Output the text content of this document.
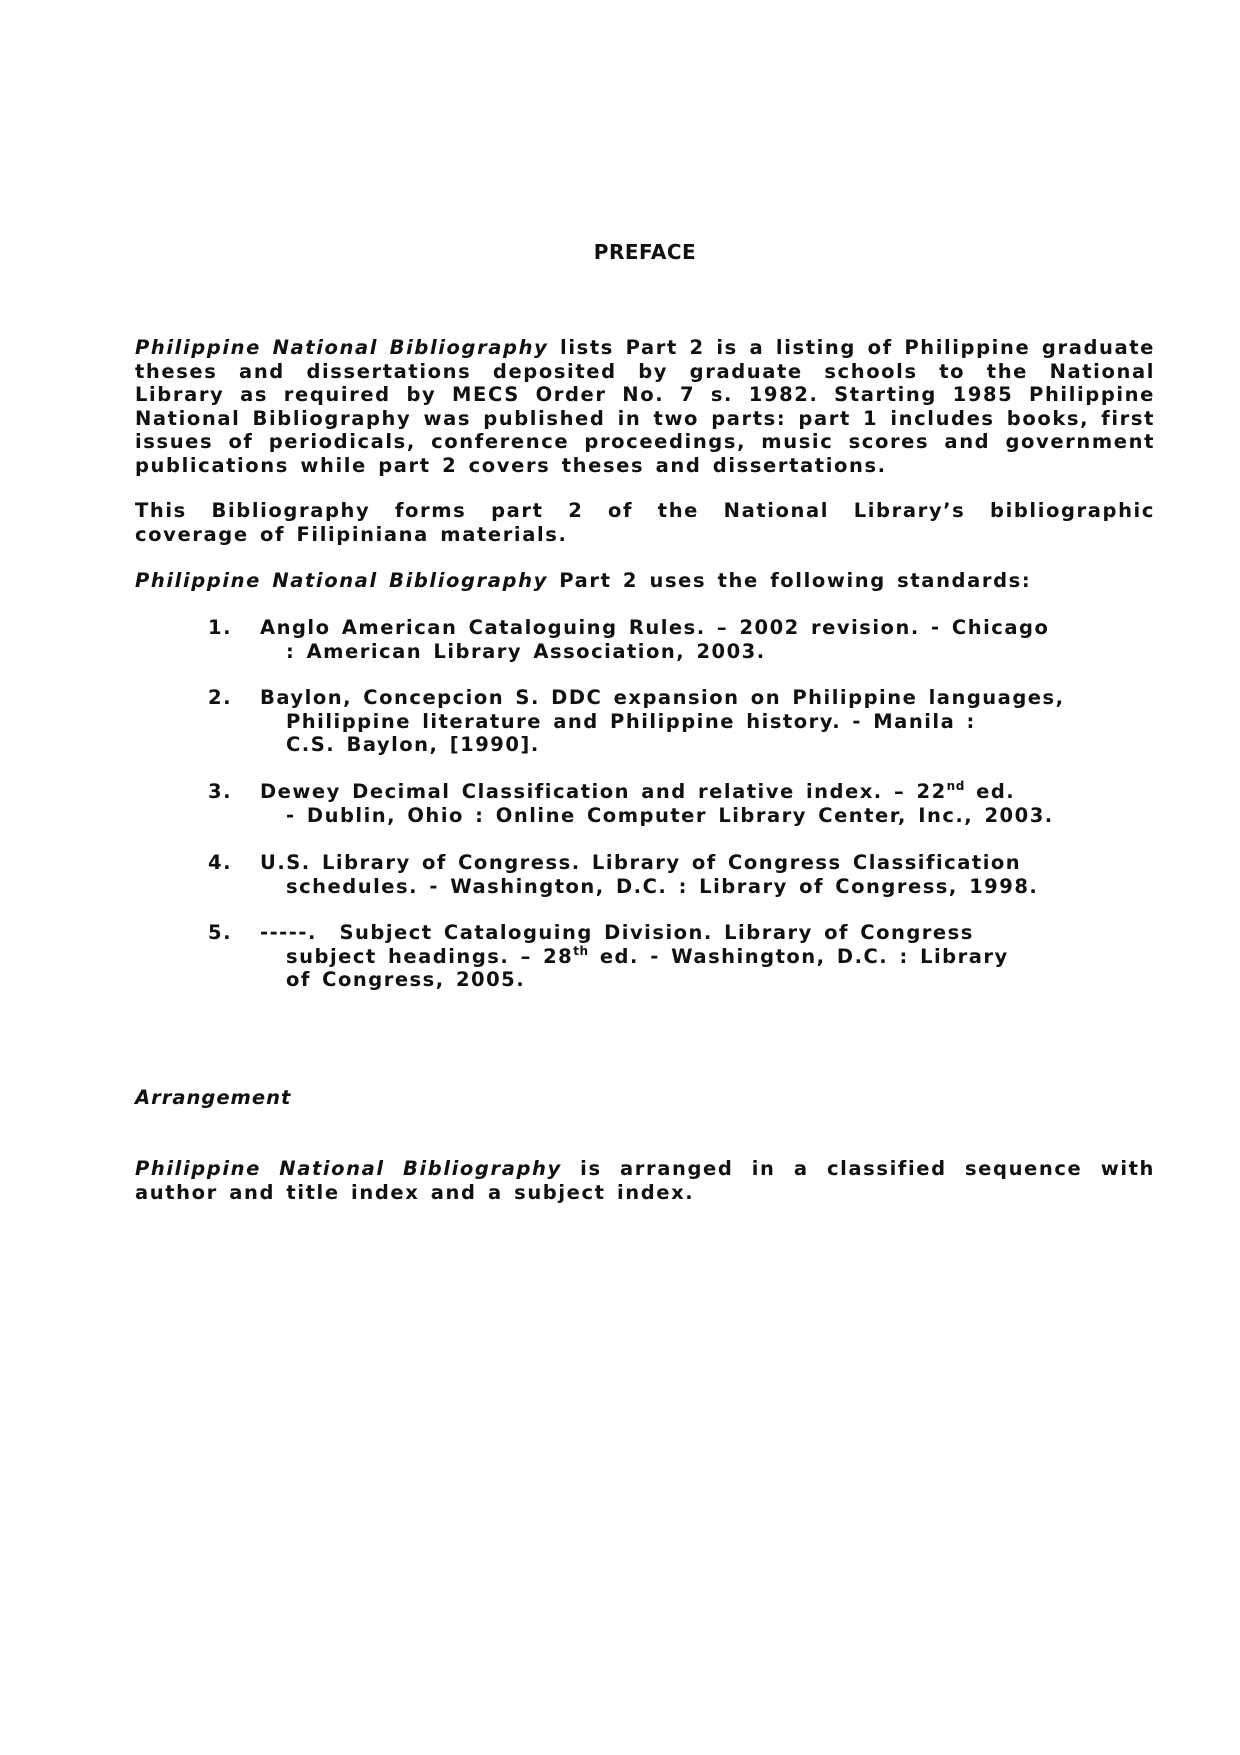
PREFACE
Philippine National Bibliography lists Part 2 is a listing of Philippine graduate theses and dissertations deposited by graduate schools to the National Library as required by MECS Order No. 7 s. 1982. Starting 1985 Philippine National Bibliography was published in two parts: part 1 includes books, first issues of periodicals, conference proceedings, music scores and government publications while part 2 covers theses and dissertations.
This Bibliography forms part 2 of the National Library’s bibliographic coverage of Filipiniana materials.
Philippine National Bibliography Part 2 uses the following standards:
1.	Anglo American Cataloguing Rules. – 2002 revision. - Chicago
: American Library Association, 2003.
2.	Baylon, Concepcion S. DDC expansion on Philippine languages,
Philippine literature and Philippine history. - Manila :
C.S. Baylon, [1990].
3.	Dewey Decimal Classification and relative index. – 22nd ed.
- Dublin, Ohio : Online Computer Library Center, Inc., 2003.
4.	U.S. Library of Congress. Library of Congress Classification
schedules. - Washington, D.C. : Library of Congress, 1998.
5.	-----.  Subject Cataloguing Division. Library of Congress
subject headings. – 28th ed. - Washington, D.C. : Library
of Congress, 2005.
Arrangement
Philippine National Bibliography is arranged in a classified sequence with author and title index and a subject index.
